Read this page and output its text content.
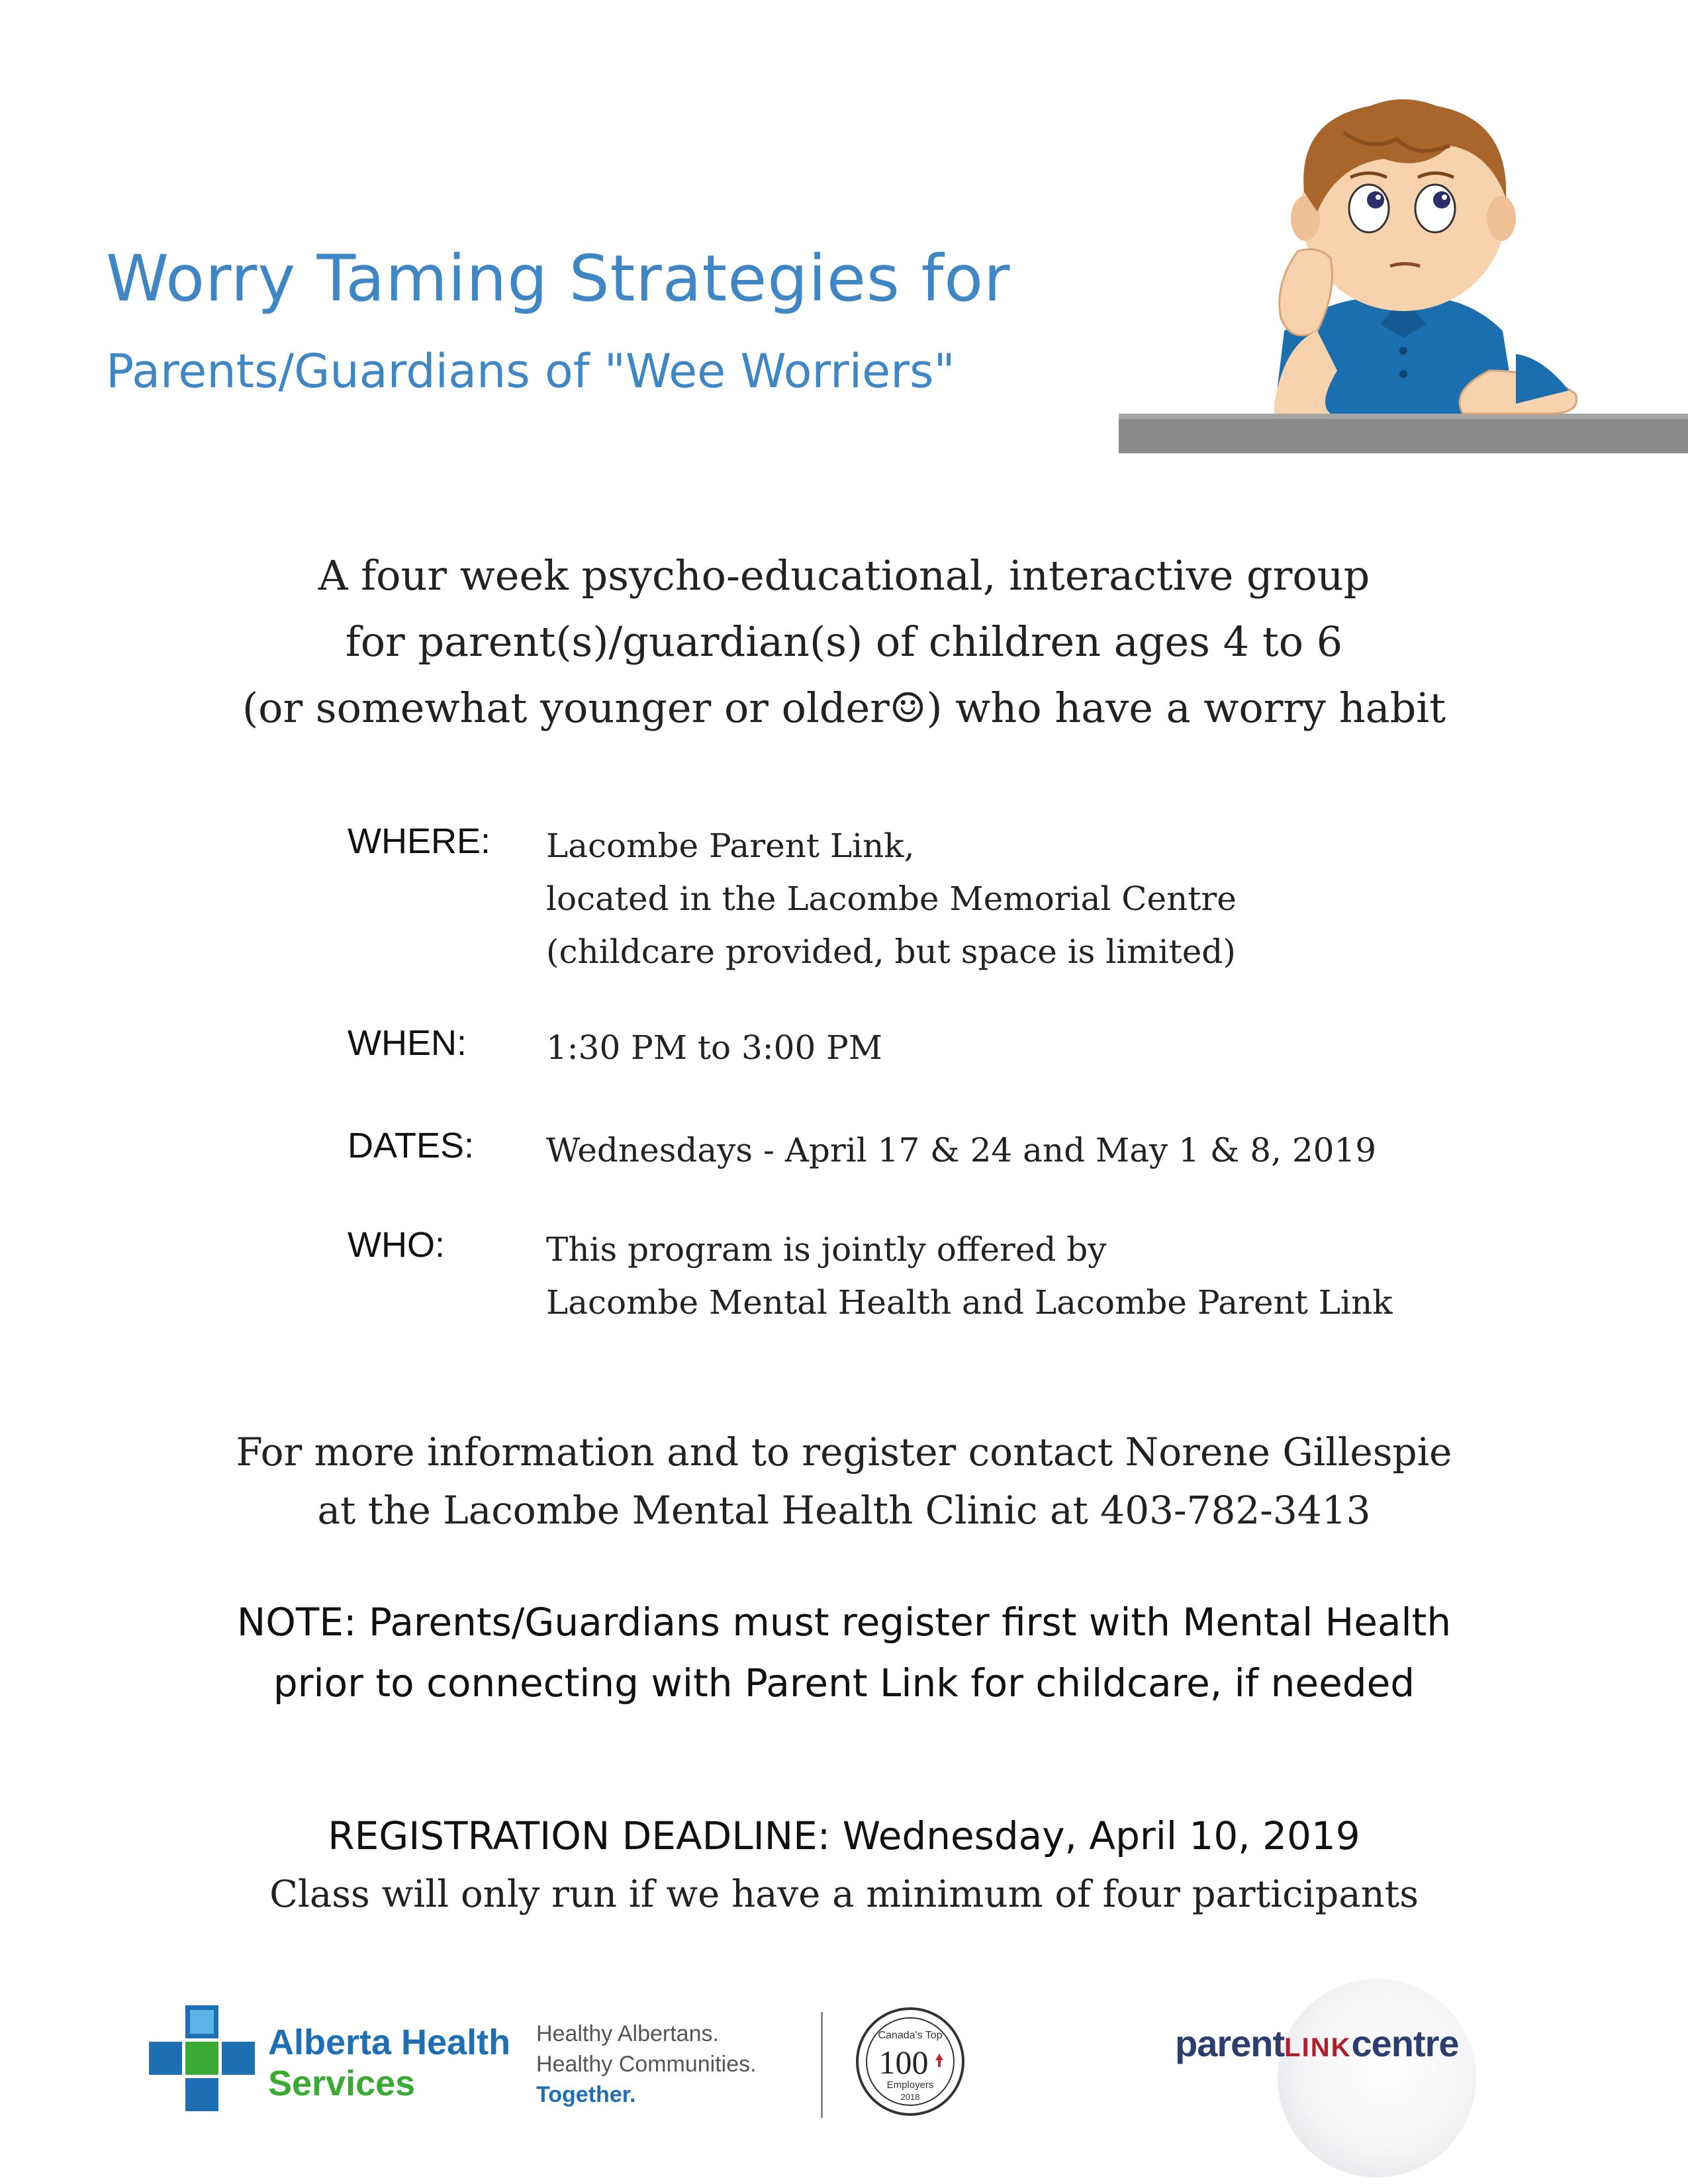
Worry Taming Strategies for
Parents/Guardians of "Wee Worriers"
A four week psycho-educational, interactive group
for parent(s)/guardian(s) of children ages 4 to 6
(or somewhat younger or older☺) who have a worry habit
WHERE: Lacombe Parent Link,
located in the Lacombe Memorial Centre
(childcare provided, but space is limited)
WHEN: 1:30 PM to 3:00 PM
DATES: Wednesdays - April 17 & 24 and May 1 & 8, 2019
WHO:	This program is jointly offered by
Lacombe Mental Health and Lacombe Parent Link
For more information and to register contact Norene Gillespie
at the Lacombe Mental Health Clinic at 403-782-3413
NOTE: Parents/Guardians must register first with Mental Health
prior to connecting with Parent Link for childcare, if needed
REGISTRATION DEADLINE: Wednesday, April 10, 2019
Class will only run if we have a minimum of four participants
Alberta Health
Services
Healthy Albertans.
Healthy Communities.
Together.
Canada's Top
100
Employers
2018
parentLINKcentre
